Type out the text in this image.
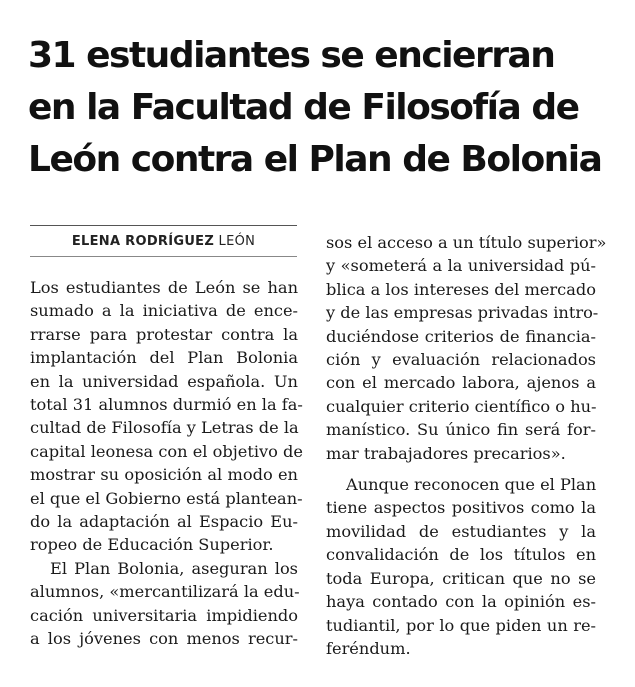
31 estudiantes se encierran
en la Facultad de Filosofía de
León contra el Plan de Bolonia
ELENA RODRÍGUEZ LEÓN
Los estudiantes de León se han
sumado a la iniciativa de ence-
rrarse para protestar contra la
implantación del Plan Bolonia
en la universidad española. Un
total 31 alumnos durmió en la fa-
cultad de Filosofía y Letras de la
capital leonesa con el objetivo de
mostrar su oposición al modo en
el que el Gobierno está plantean-
do la adaptación al Espacio Eu-
ropeo de Educación Superior.
El Plan Bolonia, aseguran los
alumnos, «mercantilizará la edu-
cación universitaria impidiendo
a los jóvenes con menos recur-
sos el acceso a un título superior»
y «someterá a la universidad pú-
blica a los intereses del mercado
y de las empresas privadas intro-
duciéndose criterios de financia-
ción y evaluación relacionados
con el mercado labora, ajenos a
cualquier criterio científico o hu-
manístico. Su único fin será for-
mar trabajadores precarios».
Aunque reconocen que el Plan
tiene aspectos positivos como la
movilidad de estudiantes y la
convalidación de los títulos en
toda Europa, critican que no se
haya contado con la opinión es-
tudiantil, por lo que piden un re-
feréndum.
